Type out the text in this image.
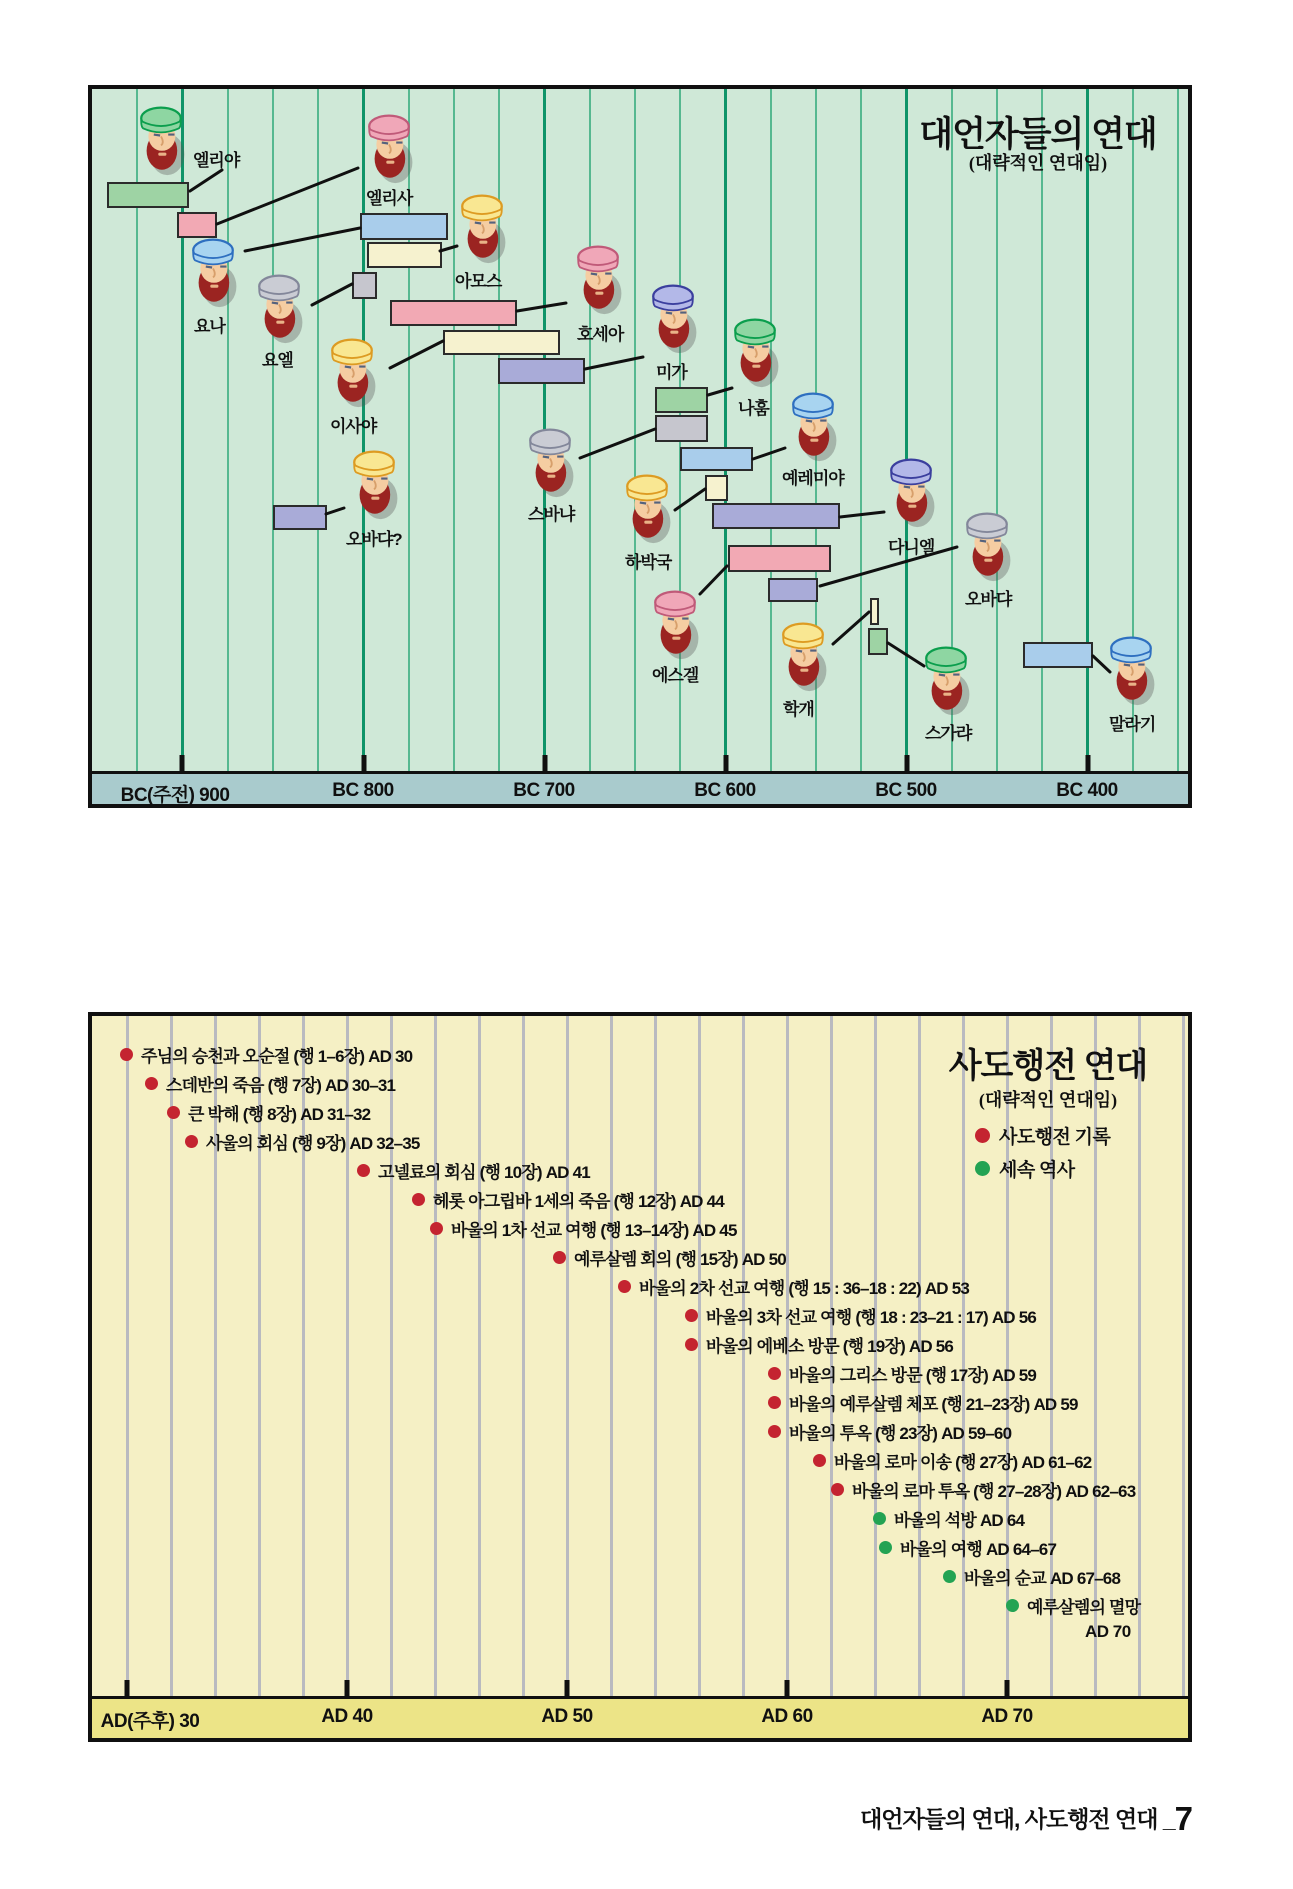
대언자들의 연대
(대략적인 연대임)
사도행전 연대
(대략적인 연대임)
사도행전 기록
세속 역사
AD 70
대언자들의 연대, 사도행전 연대 _7
BC(주전) 900	BC 800	BC 700	BC 600	BC 500	BC 400
엘리야
엘리사
요나
요엘
아모스
호세아
이사야
미가
나훔
오바댜?
스바냐
예레미야
하박국
다니엘
에스겔
오바댜
학개
스가랴	말라기
AD(주후) 30	AD 40	AD 50	AD 60	AD 70
주님의 승천과 오순절 (행 1–6장) AD 30
스데반의 죽음 (행 7장) AD 30–31
큰 박해 (행 8장) AD 31–32
사울의 회심 (행 9장) AD 32–35
고넬료의 회심 (행 10장) AD 41
헤롯 아그립바 1세의 죽음 (행 12장) AD 44
바울의 1차 선교 여행 (행 13–14장) AD 45
예루살렘 회의 (행 15장) AD 50
바울의 2차 선교 여행 (행 15 : 36–18 : 22) AD 53
바울의 3차 선교 여행 (행 18 : 23–21 : 17) AD 56
바울의 에베소 방문 (행 19장) AD 56
바울의 그리스 방문 (행 17장) AD 59
바울의 예루살렘 체포 (행 21–23장) AD 59
바울의 투옥 (행 23장) AD 59–60
바울의 로마 이송 (행 27장) AD 61–62
바울의 로마 투옥 (행 27–28장) AD 62–63
바울의 석방 AD 64
바울의 여행 AD 64–67
바울의 순교 AD 67–68
예루살렘의 멸망
